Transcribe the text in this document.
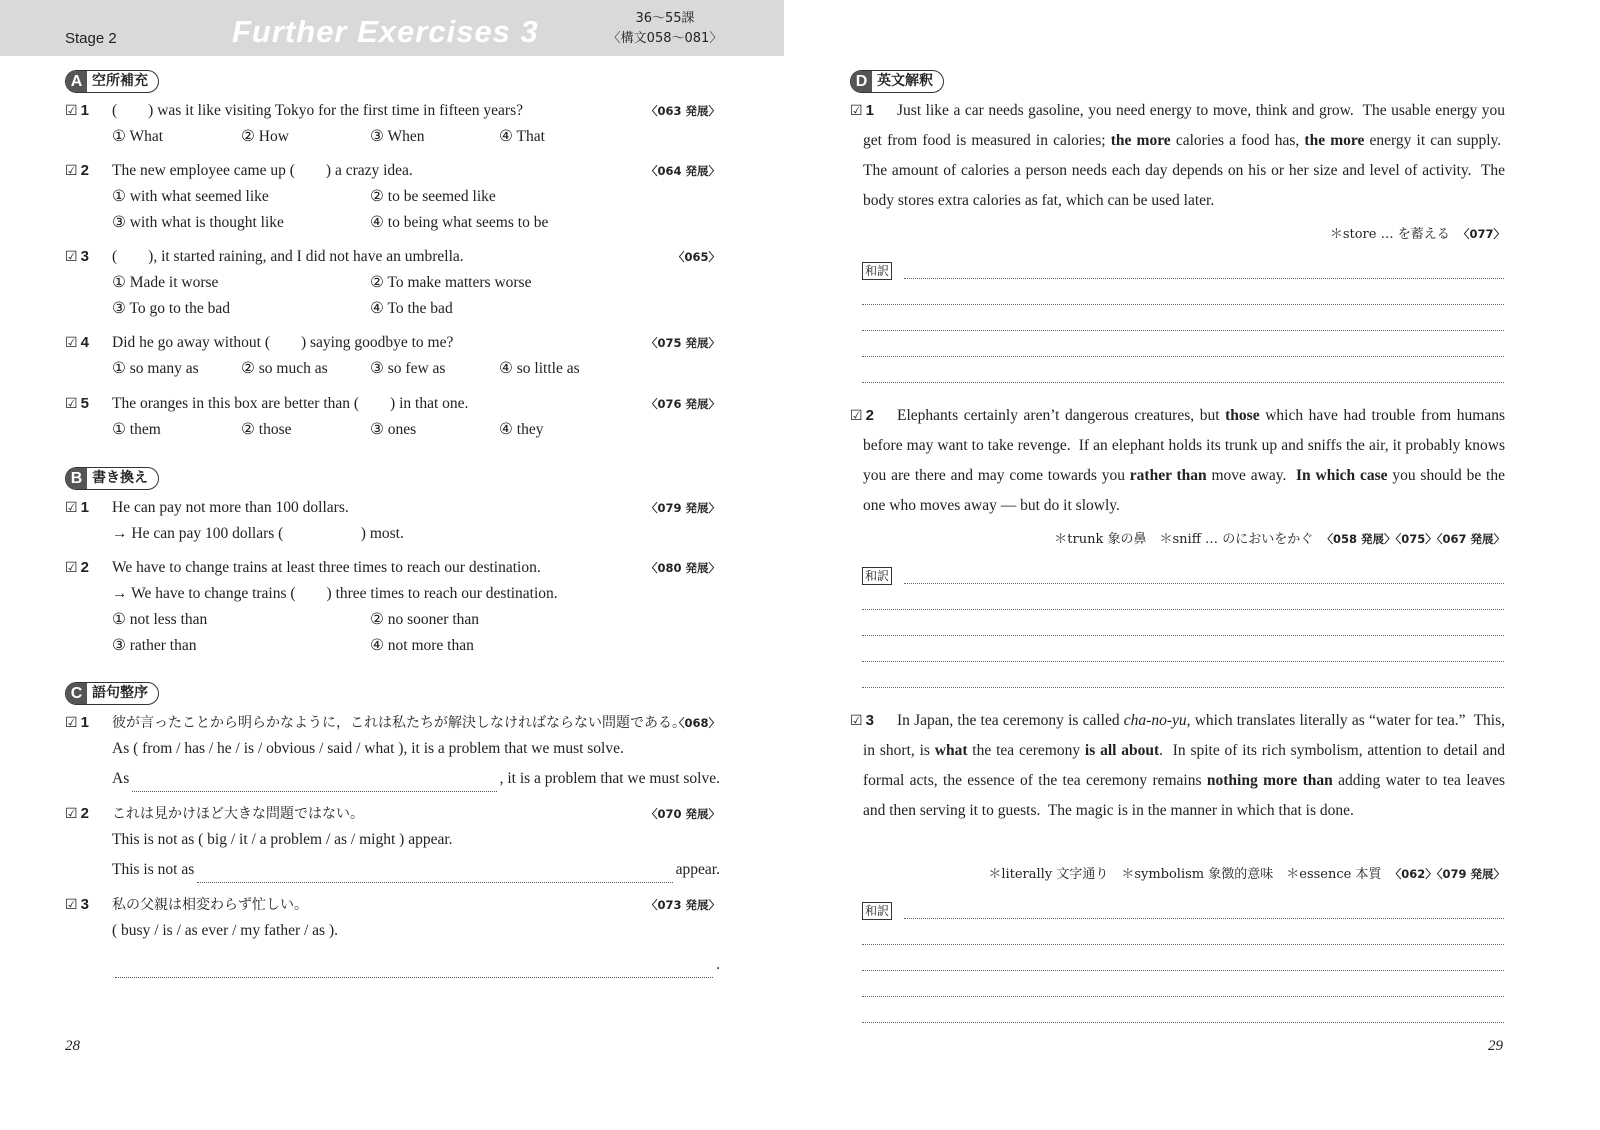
Stage 2	Further Exercises 3	36～55課
〈構文058～081〉
A 空所補充
☑ 1	〈063 発展〉
(　　) was it like visiting Tokyo for the first time in fifteen years?
① What	② How	③ When	④ That
☑ 2	〈064 発展〉
The new employee came up (　　) a crazy idea.
① with what seemed like	② to be seemed like
③ with what is thought like	④ to being what seems to be
☑ 3	〈065〉
(　　), it started raining, and I did not have an umbrella.
① Made it worse	② To make matters worse
③ To go to the bad	④ To the bad
☑ 4	〈075 発展〉
Did he go away without (　　) saying goodbye to me?
① so many as	② so much as	③ so few as	④ so little as
☑ 5	〈076 発展〉
The oranges in this box are better than (　　) in that one.
① them	② those	③ ones	④ they
B 書き換え
☑ 1	〈079 発展〉
He can pay not more than 100 dollars.
→ He can pay 100 dollars (　　　　　) most.
☑ 2	〈080 発展〉
We have to change trains at least three times to reach our destination.
→ We have to change trains (　　) three times to reach our destination.
① not less than	② no sooner than
③ rather than	④ not more than
C 語句整序
☑ 1	〈068〉
彼が言ったことから明らかなように，これは私たちが解決しなければならない問題である。
As ( from / has / he / is / obvious / said / what ), it is a problem that we must solve.
As	, it is a problem that we must solve.
☑ 2	〈070 発展〉
これは見かけほど大きな問題ではない。
This is not as ( big / it / a problem / as / might ) appear.
This is not as	appear.
☑ 3	〈073 発展〉
私の父親は相変わらず忙しい。
( busy / is / as ever / my father / as ).
.
28
D 英文解釈
☑ 1	Just like a car needs gasoline, you need energy to move, think and grow.  The usable energy you get from food is measured in calories; the more calories a food has, the more energy it can supply.  The amount of calories a person needs each day depends on his or her size and level of activity.  The body stores extra calories as fat, which can be used later.

＊store … を蓄える 〈077〉
和訳
☑ 2	Elephants certainly aren’t dangerous creatures, but those which have had trouble from humans before may want to take revenge.  If an elephant holds its trunk up and sniffs the air, it probably knows you are there and may come towards you rather than move away.  In which case you should be the one who moves away — but do it slowly.

＊trunk 象の鼻　＊sniff … のにおいをかぐ 〈058 発展〉〈075〉〈067 発展〉
和訳
☑ 3	In Japan, the tea ceremony is called cha-no-yu, which translates literally as “water for tea.”  This, in short, is what the tea ceremony is all about.  In spite of its rich symbolism, attention to detail and formal acts, the essence of the tea ceremony remains nothing more than adding water to tea leaves and then serving it to guests.  The magic is in the manner in which that is done.

＊literally 文字通り　＊symbolism 象徴的意味　＊essence 本質 〈062〉〈079 発展〉
和訳
29
